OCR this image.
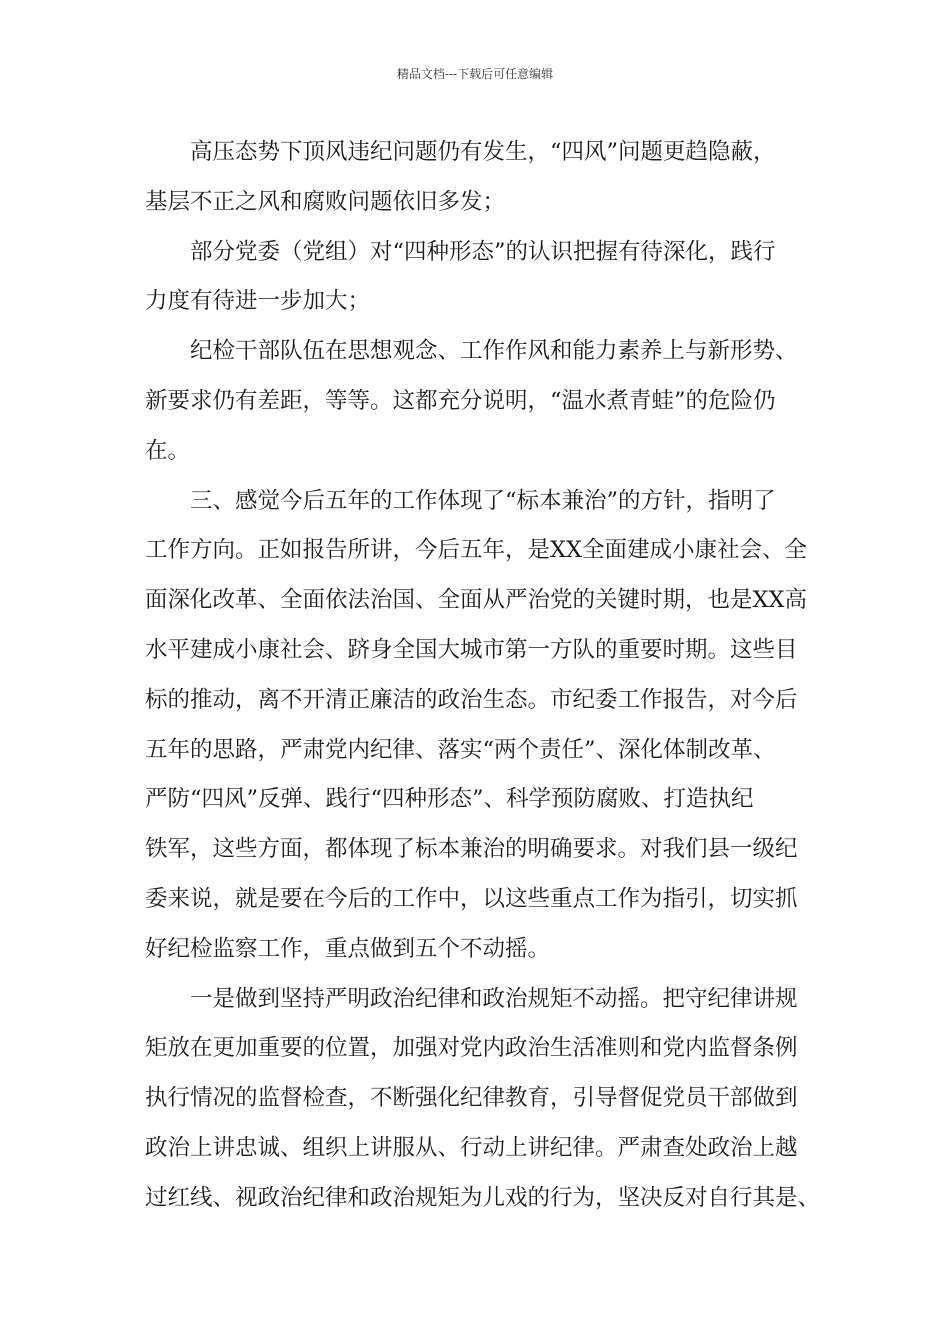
精品文档---下载后可任意编辑
高压态势下顶风违纪问题仍有发生，“四风”问题更趋隐蔽，
基层不正之风和腐败问题依旧多发；
部分党委（党组）对“四种形态”的认识把握有待深化，践行
力度有待进一步加大；
纪检干部队伍在思想观念、工作作风和能力素养上与新形势、
新要求仍有差距，等等。这都充分说明，“温水煮青蛙”的危险仍
在。
三、感觉今后五年的工作体现了“标本兼治”的方针，指明了
工作方向。正如报告所讲，今后五年，是XX全面建成小康社会、全
面深化改革、全面依法治国、全面从严治党的关键时期，也是XX高
水平建成小康社会、跻身全国大城市第一方队的重要时期。这些目
标的推动，离不开清正廉洁的政治生态。市纪委工作报告，对今后
五年的思路，严肃党内纪律、落实“两个责任”、深化体制改革、
严防“四风”反弹、践行“四种形态”、科学预防腐败、打造执纪
铁军，这些方面，都体现了标本兼治的明确要求。对我们县一级纪
委来说，就是要在今后的工作中，以这些重点工作为指引，切实抓
好纪检监察工作，重点做到五个不动摇。
一是做到坚持严明政治纪律和政治规矩不动摇。把守纪律讲规
矩放在更加重要的位置，加强对党内政治生活准则和党内监督条例
执行情况的监督检查，不断强化纪律教育，引导督促党员干部做到
政治上讲忠诚、组织上讲服从、行动上讲纪律。严肃查处政治上越
过红线、视政治纪律和政治规矩为儿戏的行为，坚决反对自行其是、
